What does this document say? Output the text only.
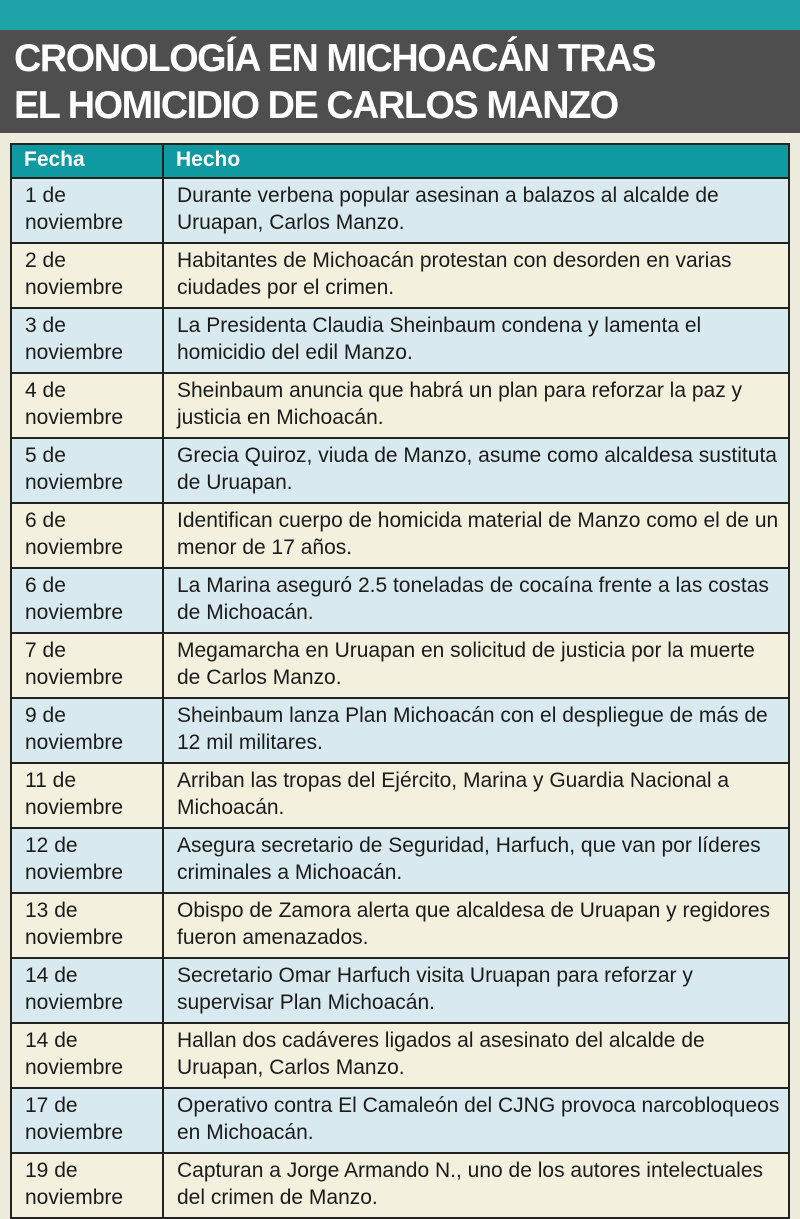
CRONOLOGÍA EN MICHOACÁN TRAS
EL HOMICIDIO DE CARLOS MANZO
Fecha	Hecho

1 de
noviembre	Durante verbena popular asesinan a balazos al alcalde de Uruapan, Carlos Manzo.

2 de
noviembre	Habitantes de Michoacán protestan con desorden en varias ciudades por el crimen.

3 de
noviembre	La Presidenta Claudia Sheinbaum condena y lamenta el homicidio del edil Manzo.

4 de
noviembre	Sheinbaum anuncia que habrá un plan para reforzar la paz y justicia en Michoacán.

5 de
noviembre	Grecia Quiroz, viuda de Manzo, asume como alcaldesa sustituta de Uruapan.

6 de
noviembre	Identifican cuerpo de homicida material de Manzo como el de un menor de 17 años.

6 de
noviembre	La Marina aseguró 2.5 toneladas de cocaína frente a las costas de Michoacán.

7 de
noviembre	Megamarcha en Uruapan en solicitud de justicia por la muerte de Carlos Manzo.

9 de
noviembre	Sheinbaum lanza Plan Michoacán con el despliegue de más de 12 mil militares.

11 de
noviembre	Arriban las tropas del Ejército, Marina y Guardia Nacional a Michoacán.

12 de
noviembre	Asegura secretario de Seguridad, Harfuch, que van por líderes criminales a Michoacán.

13 de
noviembre	Obispo de Zamora alerta que alcaldesa de Uruapan y regidores fueron amenazados.

14 de
noviembre	Secretario Omar Harfuch visita Uruapan para reforzar y supervisar Plan Michoacán.

14 de
noviembre	Hallan dos cadáveres ligados al asesinato del alcalde de Uruapan, Carlos Manzo.

17 de
noviembre	Operativo contra El Camaleón del CJNG provoca narcobloqueos en Michoacán.

19 de
noviembre	Capturan a Jorge Armando N., uno de los autores intelectuales del crimen de Manzo.
